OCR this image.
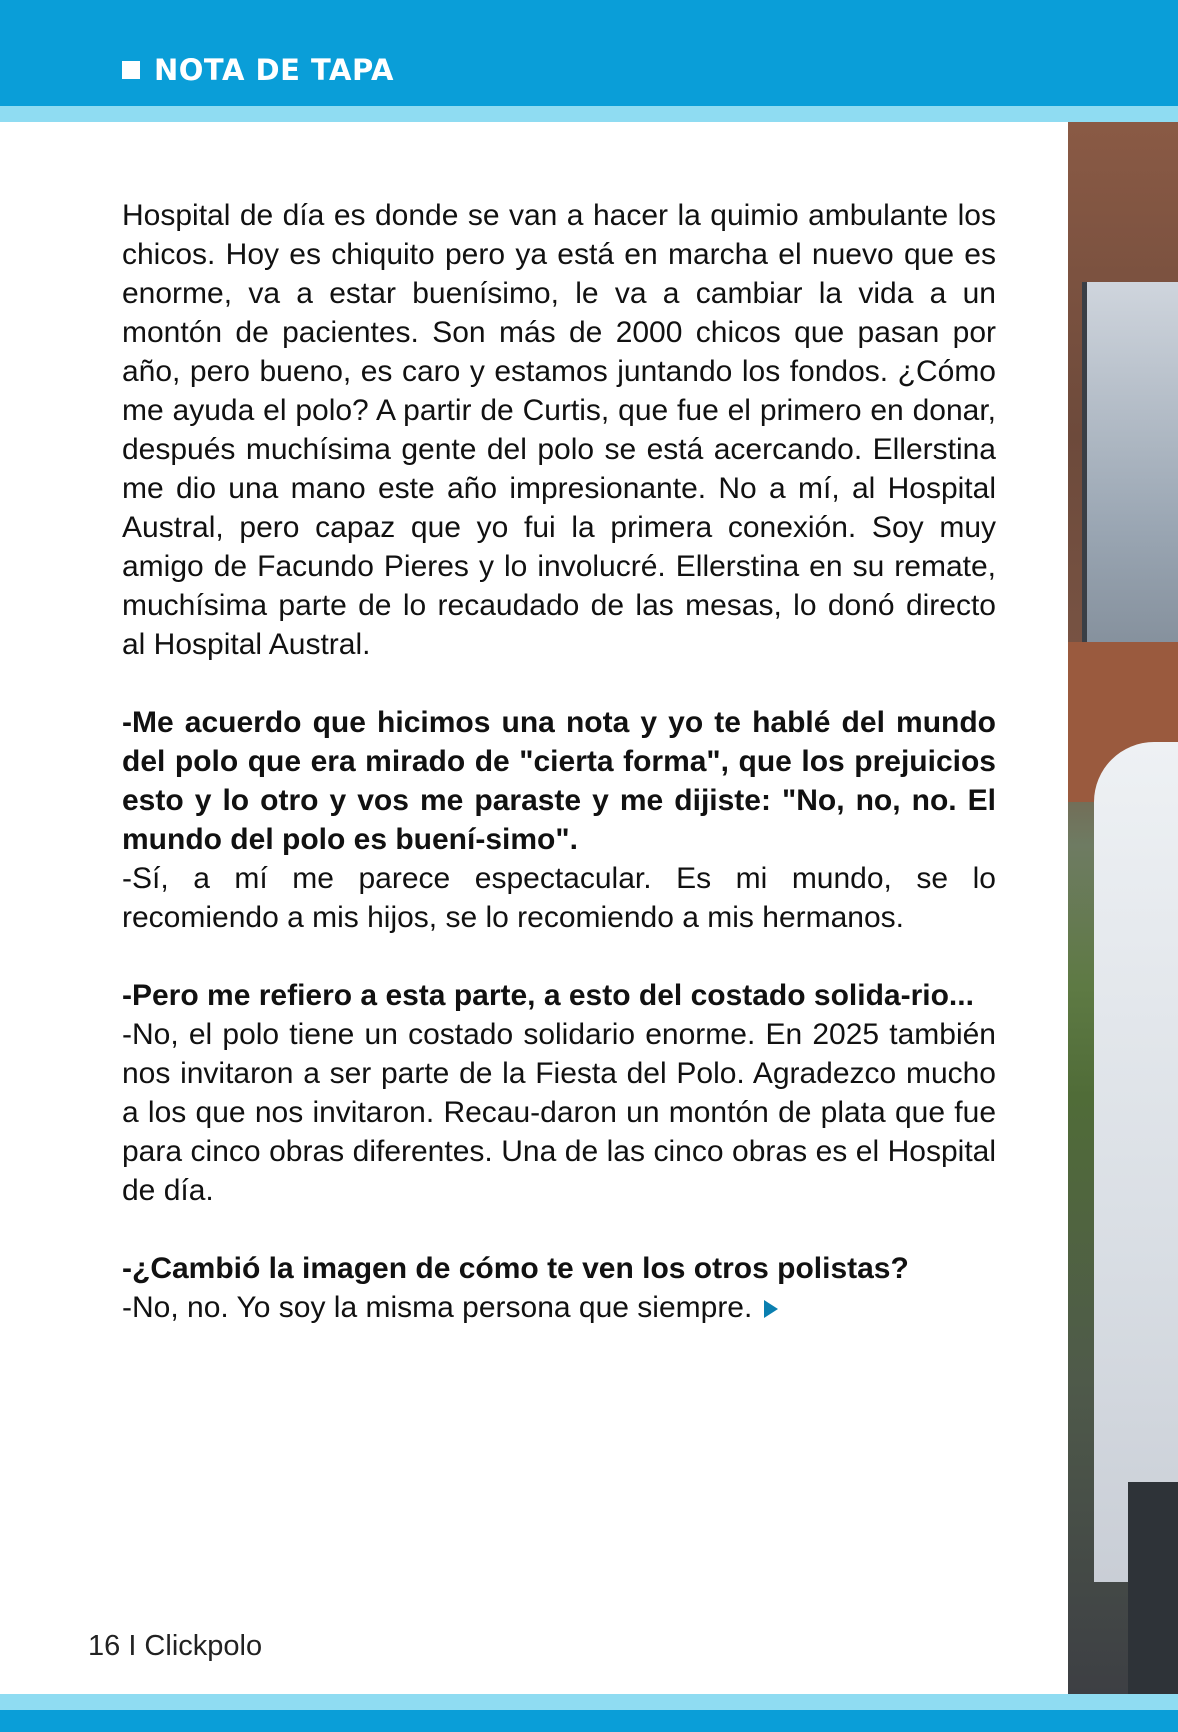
NOTA DE TAPA

Hospital de día es donde se van a hacer la quimio ambulante los chicos. Hoy es chiquito pero ya está en marcha el nuevo que es enorme, va a estar buenísimo, le va a cambiar la vida a un montón de pacientes. Son más de 2000 chicos que pasan por año, pero bueno, es caro y estamos juntando los fondos. ¿Cómo me ayuda el polo? A partir de Curtis, que fue el primero en donar, después muchísima gente del polo se está acercando. Ellerstina me dio una mano este año impresionante. No a mí, al Hospital Austral, pero capaz que yo fui la primera conexión. Soy muy amigo de Facundo Pieres y lo involucré. Ellerstina en su remate, muchísima parte de lo recaudado de las mesas, lo donó directo al Hospital Austral.

-Me acuerdo que hicimos una nota y yo te hablé del mundo del polo que era mirado de "cierta forma", que los prejuicios esto y lo otro y vos me paraste y me dijiste: "No, no, no. El mundo del polo es buení-simo".

-Sí, a mí me parece espectacular. Es mi mundo, se lo recomiendo a mis hijos, se lo recomiendo a mis hermanos.

-Pero me refiero a esta parte, a esto del costado solida-rio...

-No, el polo tiene un costado solidario enorme. En 2025 también nos invitaron a ser parte de la Fiesta del Polo. Agradezco mucho a los que nos invitaron. Recau-daron un montón de plata que fue para cinco obras diferentes. Una de las cinco obras es el Hospital de día.

-¿Cambió la imagen de cómo te ven los otros polistas?

-No, no. Yo soy la misma persona que siempre.

16 I Clickpolo
